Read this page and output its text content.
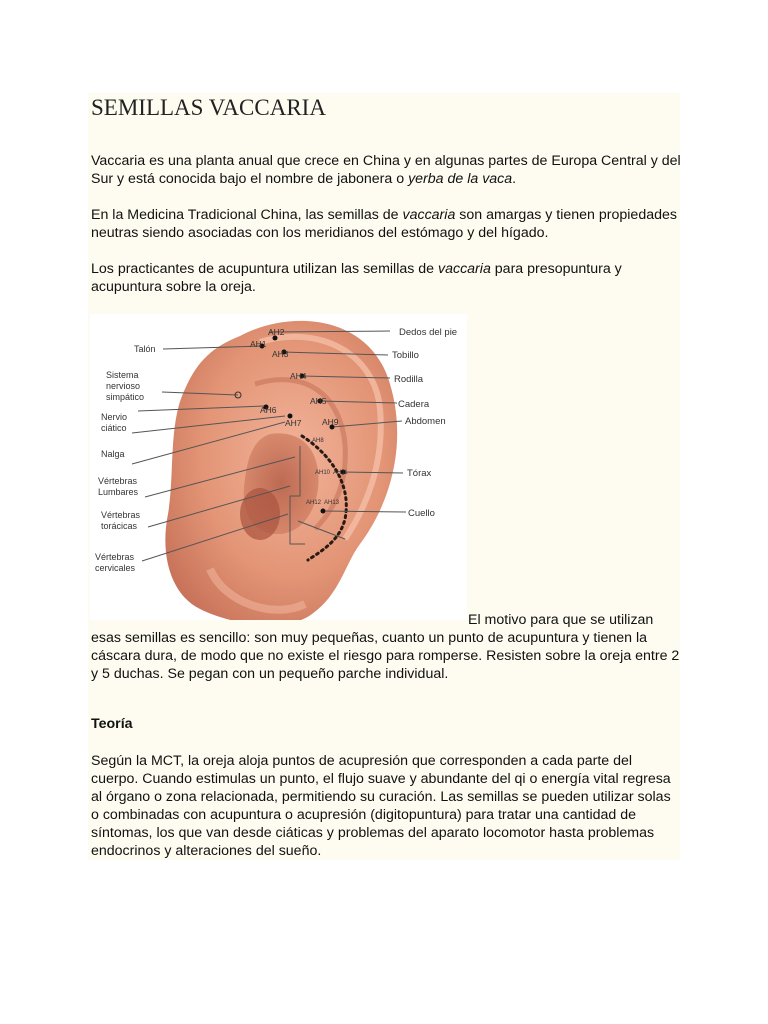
SEMILLAS VACCARIA

Vaccaria es una planta anual que crece en China y en algunas partes de Europa Central y del Sur y está conocida bajo el nombre de jabonera o yerba de la vaca.

En la Medicina Tradicional China, las semillas de vaccaria son amargas y tienen propiedades neutras siendo asociadas con los meridianos del estómago y del hígado.

Los practicantes de acupuntura utilizan las semillas de vaccaria para presopuntura y acupuntura sobre la oreja.

AH2
AH1
AH3
AH4
AH5
AH6
AH7 AH9
AH8
AH10 AH11
AH12 AH13
Talón
Sistema
nervioso
simpático
Nervio
ciático
Nalga
Vértebras
Lumbares
Vértebras
torácicas
Vértebras
cervicales
Dedos del pie
Tobillo
Rodilla
Cadera
Abdomen
Tórax
Cuello
El motivo para que se utilizan

esas semillas es sencillo: son muy pequeñas, cuanto un punto de acupuntura y tienen la cáscara dura, de modo que no existe el riesgo para romperse. Resisten sobre la oreja entre 2 y 5 duchas. Se pegan con un pequeño parche individual.

Teoría

Según la MCT, la oreja aloja puntos de acupresión que corresponden a cada parte del cuerpo. Cuando estimulas un punto, el flujo suave y abundante del qi o energía vital regresa al órgano o zona relacionada, permitiendo su curación. Las semillas se pueden utilizar solas o combinadas con acupuntura o acupresión (digitopuntura) para tratar una cantidad de síntomas, los que van desde ciáticas y problemas del aparato locomotor hasta problemas endocrinos y alteraciones del sueño.
